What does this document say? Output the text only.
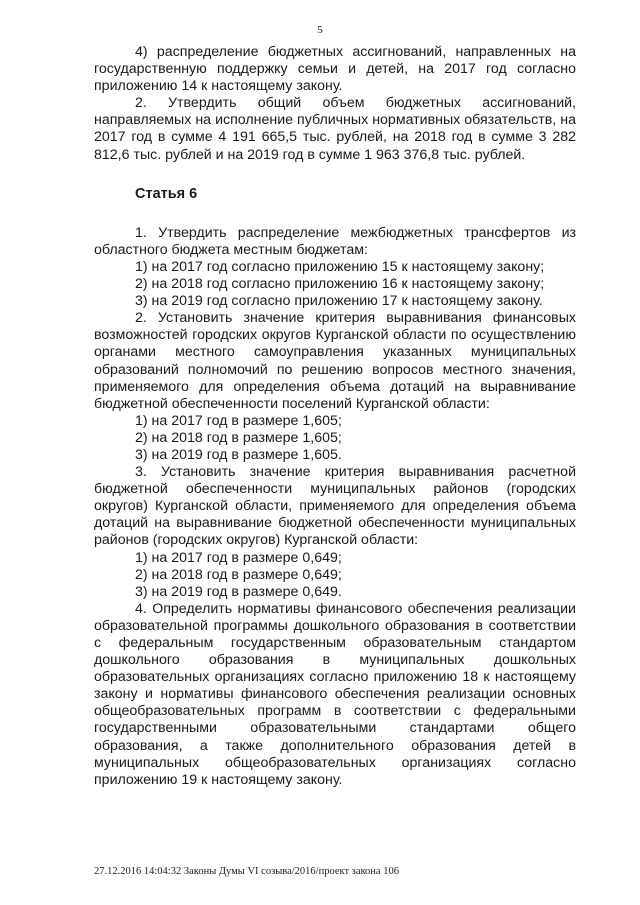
5

4) распределение бюджетных ассигнований, направленных на государственную поддержку семьи и детей, на 2017 год согласно приложению 14 к настоящему закону.

2. Утвердить общий объем бюджетных ассигнований, направляемых на исполнение публичных нормативных обязательств, на 2017 год в сумме 4 191 665,5 тыс. рублей, на 2018 год в сумме 3 282 812,6 тыс. рублей и на 2019 год в сумме 1 963 376,8 тыс. рублей.

Статья 6

1. Утвердить распределение межбюджетных трансфертов из областного бюджета местным бюджетам:

1) на 2017 год согласно приложению 15 к настоящему закону;

2) на 2018 год согласно приложению 16 к настоящему закону;

3) на 2019 год согласно приложению 17 к настоящему закону.

2. Установить значение критерия выравнивания финансовых возможностей городских округов Курганской области по осуществлению органами местного самоуправления указанных муниципальных образований полномочий по решению вопросов местного значения, применяемого для определения объема дотаций на выравнивание бюджетной обеспеченности поселений Курганской области:

1) на 2017 год в размере 1,605;

2) на 2018 год в размере 1,605;

3) на 2019 год в размере 1,605.

3. Установить значение критерия выравнивания расчетной бюджетной обеспеченности муниципальных районов (городских округов) Курганской области, применяемого для определения объема дотаций на выравнивание бюджетной обеспеченности муниципальных районов (городских округов) Курганской области:

1) на 2017 год в размере 0,649;

2) на 2018 год в размере 0,649;

3) на 2019 год в размере 0,649.

4. Определить нормативы финансового обеспечения реализации образовательной программы дошкольного образования в соответствии с федеральным государственным образовательным стандартом дошкольного образования в муниципальных дошкольных образовательных организациях согласно приложению 18 к настоящему закону и нормативы финансового обеспечения реализации основных общеобразовательных программ в соответствии с федеральными государственными образовательными стандартами общего образования, а также дополнительного образования детей в муниципальных общеобразовательных организациях согласно приложению 19 к настоящему закону.

27.12.2016 14:04:32 Законы Думы VI созыва/2016/проект закона 106
